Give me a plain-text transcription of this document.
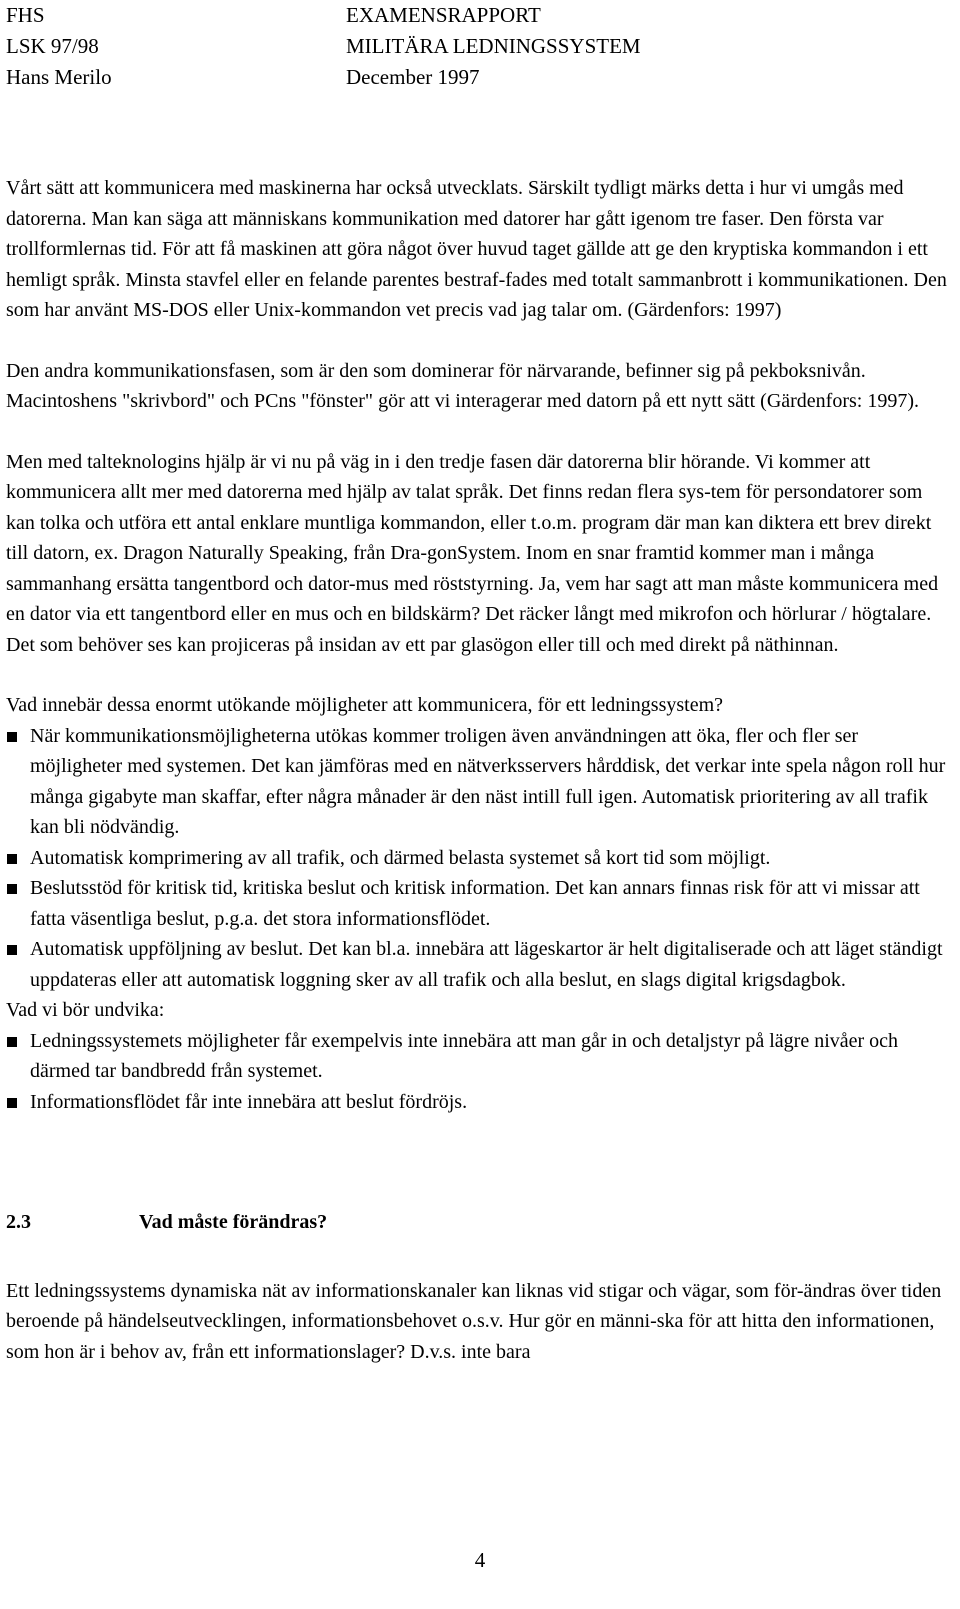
FHS	EXAMENSRAPPORT
LSK 97/98	MILITÄRA LEDNINGSSYSTEM
Hans Merilo	December 1997

Vårt sätt att kommunicera med maskinerna har också utvecklats. Särskilt tydligt märks detta i hur vi umgås med datorerna. Man kan säga att människans kommunikation med datorer har gått igenom tre faser. Den första var trollformlernas tid. För att få maskinen att göra något över huvud taget gällde att ge den kryptiska kommandon i ett hemligt språk. Minsta stavfel eller en felande parentes bestraf-fades med totalt sammanbrott i kommunikationen. Den som har använt MS-DOS eller Unix-kommandon vet precis vad jag talar om. (Gärdenfors: 1997)

Den andra kommunikationsfasen, som är den som dominerar för närvarande, befinner sig på pekboksnivån. Macintoshens "skrivbord" och PCns "fönster" gör att vi interagerar med datorn på ett nytt sätt (Gärdenfors: 1997).

Men med talteknologins hjälp är vi nu på väg in i den tredje fasen där datorerna blir hörande. Vi kommer att kommunicera allt mer med datorerna med hjälp av talat språk. Det finns redan flera sys-tem för persondatorer som kan tolka och utföra ett antal enklare muntliga kommandon, eller t.o.m. program där man kan diktera ett brev direkt till datorn, ex. Dragon Naturally Speaking, från Dra-gonSystem. Inom en snar framtid kommer man i många sammanhang ersätta tangentbord och dator-mus med röststyrning. Ja, vem har sagt att man måste kommunicera med en dator via ett tangentbord eller en mus och en bildskärm? Det räcker långt med mikrofon och hörlurar / högtalare. Det som behöver ses kan projiceras på insidan av ett par glasögon eller till och med direkt på näthinnan.

Vad innebär dessa enormt utökande möjligheter att kommunicera, för ett ledningssystem?

När kommunikationsmöjligheterna utökas kommer troligen även användningen att öka, fler och fler ser möjligheter med systemen. Det kan jämföras med en nätverksservers hårddisk, det verkar inte spela någon roll hur många gigabyte man skaffar, efter några månader är den näst intill full igen. Automatisk prioritering av all trafik kan bli nödvändig.
Automatisk komprimering av all trafik, och därmed belasta systemet så kort tid som möjligt.
Beslutsstöd för kritisk tid, kritiska beslut och kritisk information. Det kan annars finnas risk för att vi missar att fatta väsentliga beslut, p.g.a. det stora informationsflödet.
Automatisk uppföljning av beslut. Det kan bl.a. innebära att lägeskartor är helt digitaliserade och att läget ständigt uppdateras eller att automatisk loggning sker av all trafik och alla beslut, en slags digital krigsdagbok.

Vad vi bör undvika:

Ledningssystemets möjligheter får exempelvis inte innebära att man går in och detaljstyr på lägre nivåer och därmed tar bandbredd från systemet.
Informationsflödet får inte innebära att beslut fördröjs.
2.3	Vad måste förändras?

Ett ledningssystems dynamiska nät av informationskanaler kan liknas vid stigar och vägar, som för-ändras över tiden beroende på händelseutvecklingen, informationsbehovet o.s.v. Hur gör en männi-ska för att hitta den informationen, som hon är i behov av, från ett informationslager? D.v.s. inte bara

4
